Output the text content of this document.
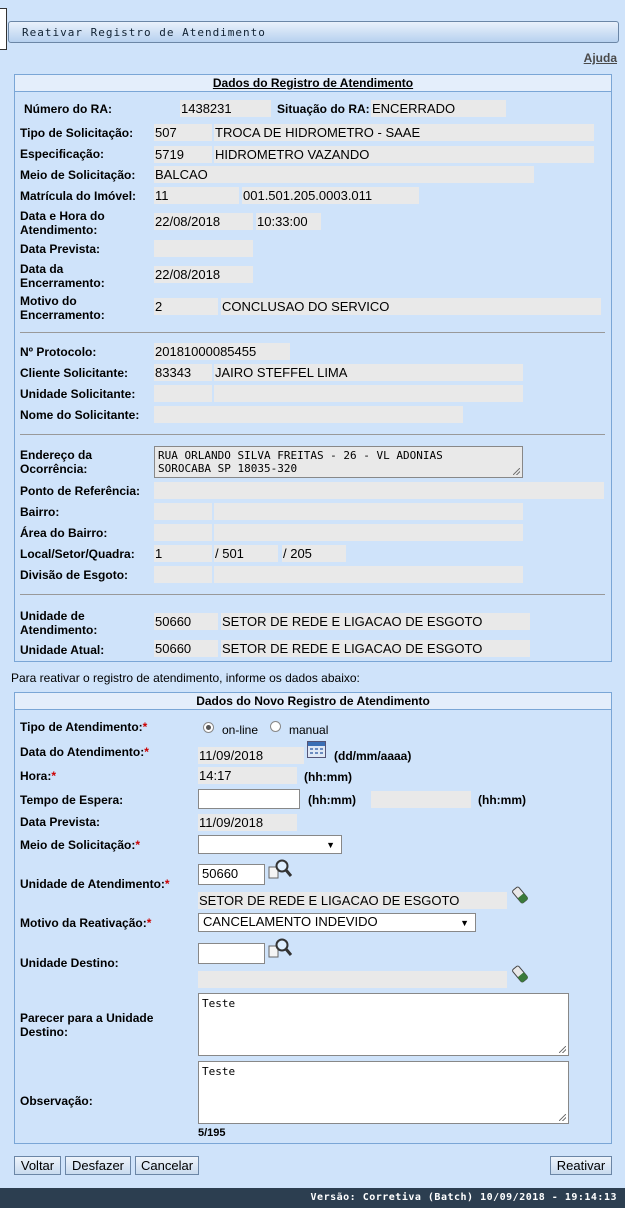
Reativar Registro de Atendimento
Ajuda
Dados do Registro de Atendimento
Número do RA:	1438231	Situação do RA: ENCERRADO
Tipo de Solicitação: 507	TROCA DE HIDROMETRO - SAAE
Especificação:	5719	HIDROMETRO VAZANDO
Meio de Solicitação: BALCAO
Matrícula do Imóvel: 11	001.501.205.0003.011
Data e Hora do Atendimento:
22/08/2018	10:33:00
Data Prevista:
Data da Encerramento:
22/08/2018
Motivo do Encerramento:
2	CONCLUSAO DO SERVICO
Nº Protocolo:	20181000085455
Cliente Solicitante: 83343	JAIRO STEFFEL LIMA
Unidade Solicitante:
Nome do Solicitante:
Endereço da Ocorrência:
RUA ORLANDO SILVA FREITAS - 26 - VL ADONIAS
SOROCABA SP 18035-320
Ponto de Referência:
Bairro:
Área do Bairro:
Local/Setor/Quadra: 1	/ 501	/ 205
Divisão de Esgoto:
Unidade de Atendimento:
50660	SETOR DE REDE E LIGACAO DE ESGOTO
Unidade Atual:	50660	SETOR DE REDE E LIGACAO DE ESGOTO
Para reativar o registro de atendimento, informe os dados abaixo:
Dados do Novo Registro de Atendimento
Tipo de Atendimento:*	on-line	manual
Data do Atendimento:*	11/09/2018	(dd/mm/aaaa)
Hora:*	14:17	(hh:mm)
Tempo de Espera:	(hh:mm)	(hh:mm)
Data Prevista:	11/09/2018
Meio de Solicitação:*	▼
Unidade de Atendimento:*
50660
SETOR DE REDE E LIGACAO DE ESGOTO
Motivo da Reativação:*	CANCELAMENTO INDEVIDO	▼
Unidade Destino:
Parecer para a Unidade Destino:
Teste
Observação:
Teste
5/195
Voltar	Desfazer	Cancelar	Reativar
Versão: Corretiva (Batch) 10/09/2018 - 19:14:13
